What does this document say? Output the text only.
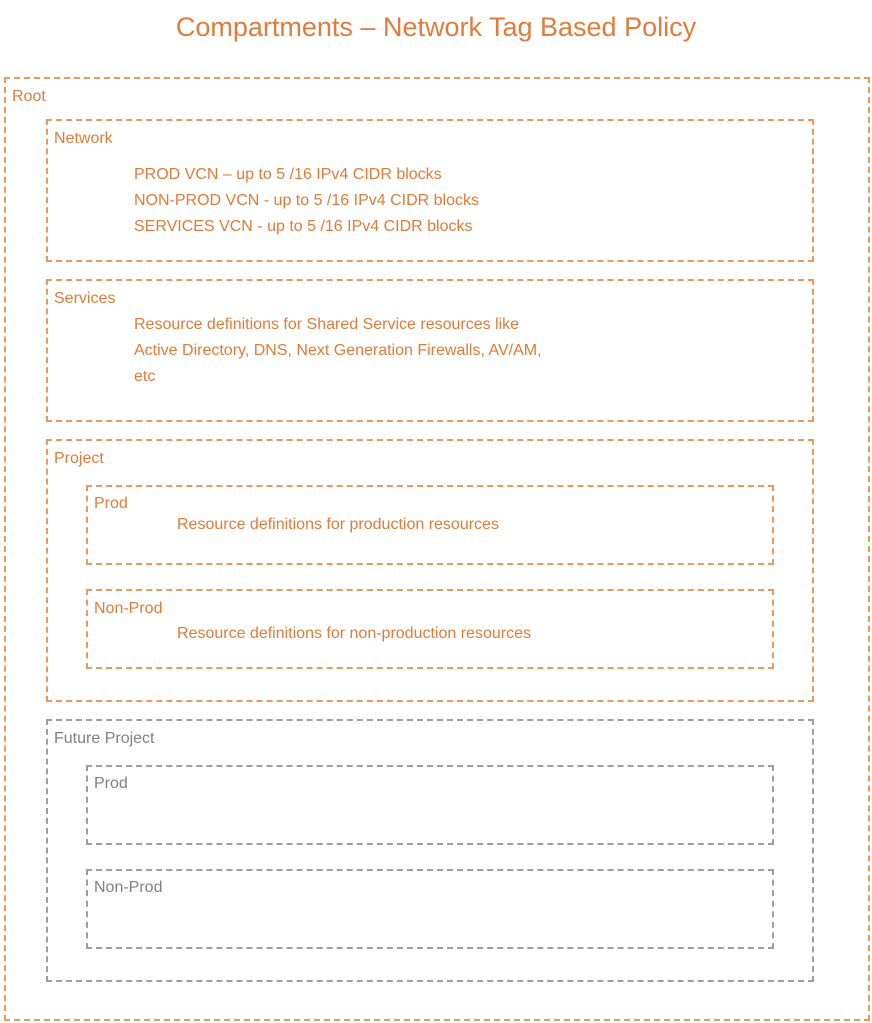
Compartments – Network Tag Based Policy
Root
Network
PROD VCN – up to 5 /16 IPv4 CIDR blocks
NON-PROD VCN - up to 5 /16 IPv4 CIDR blocks
SERVICES VCN - up to 5 /16 IPv4 CIDR blocks
Services
Resource definitions for Shared Service resources like
Active Directory, DNS, Next Generation Firewalls, AV/AM,
etc
Project
Prod
Resource definitions for production resources
Non-Prod
Resource definitions for non-production resources
Future Project
Prod
Non-Prod
